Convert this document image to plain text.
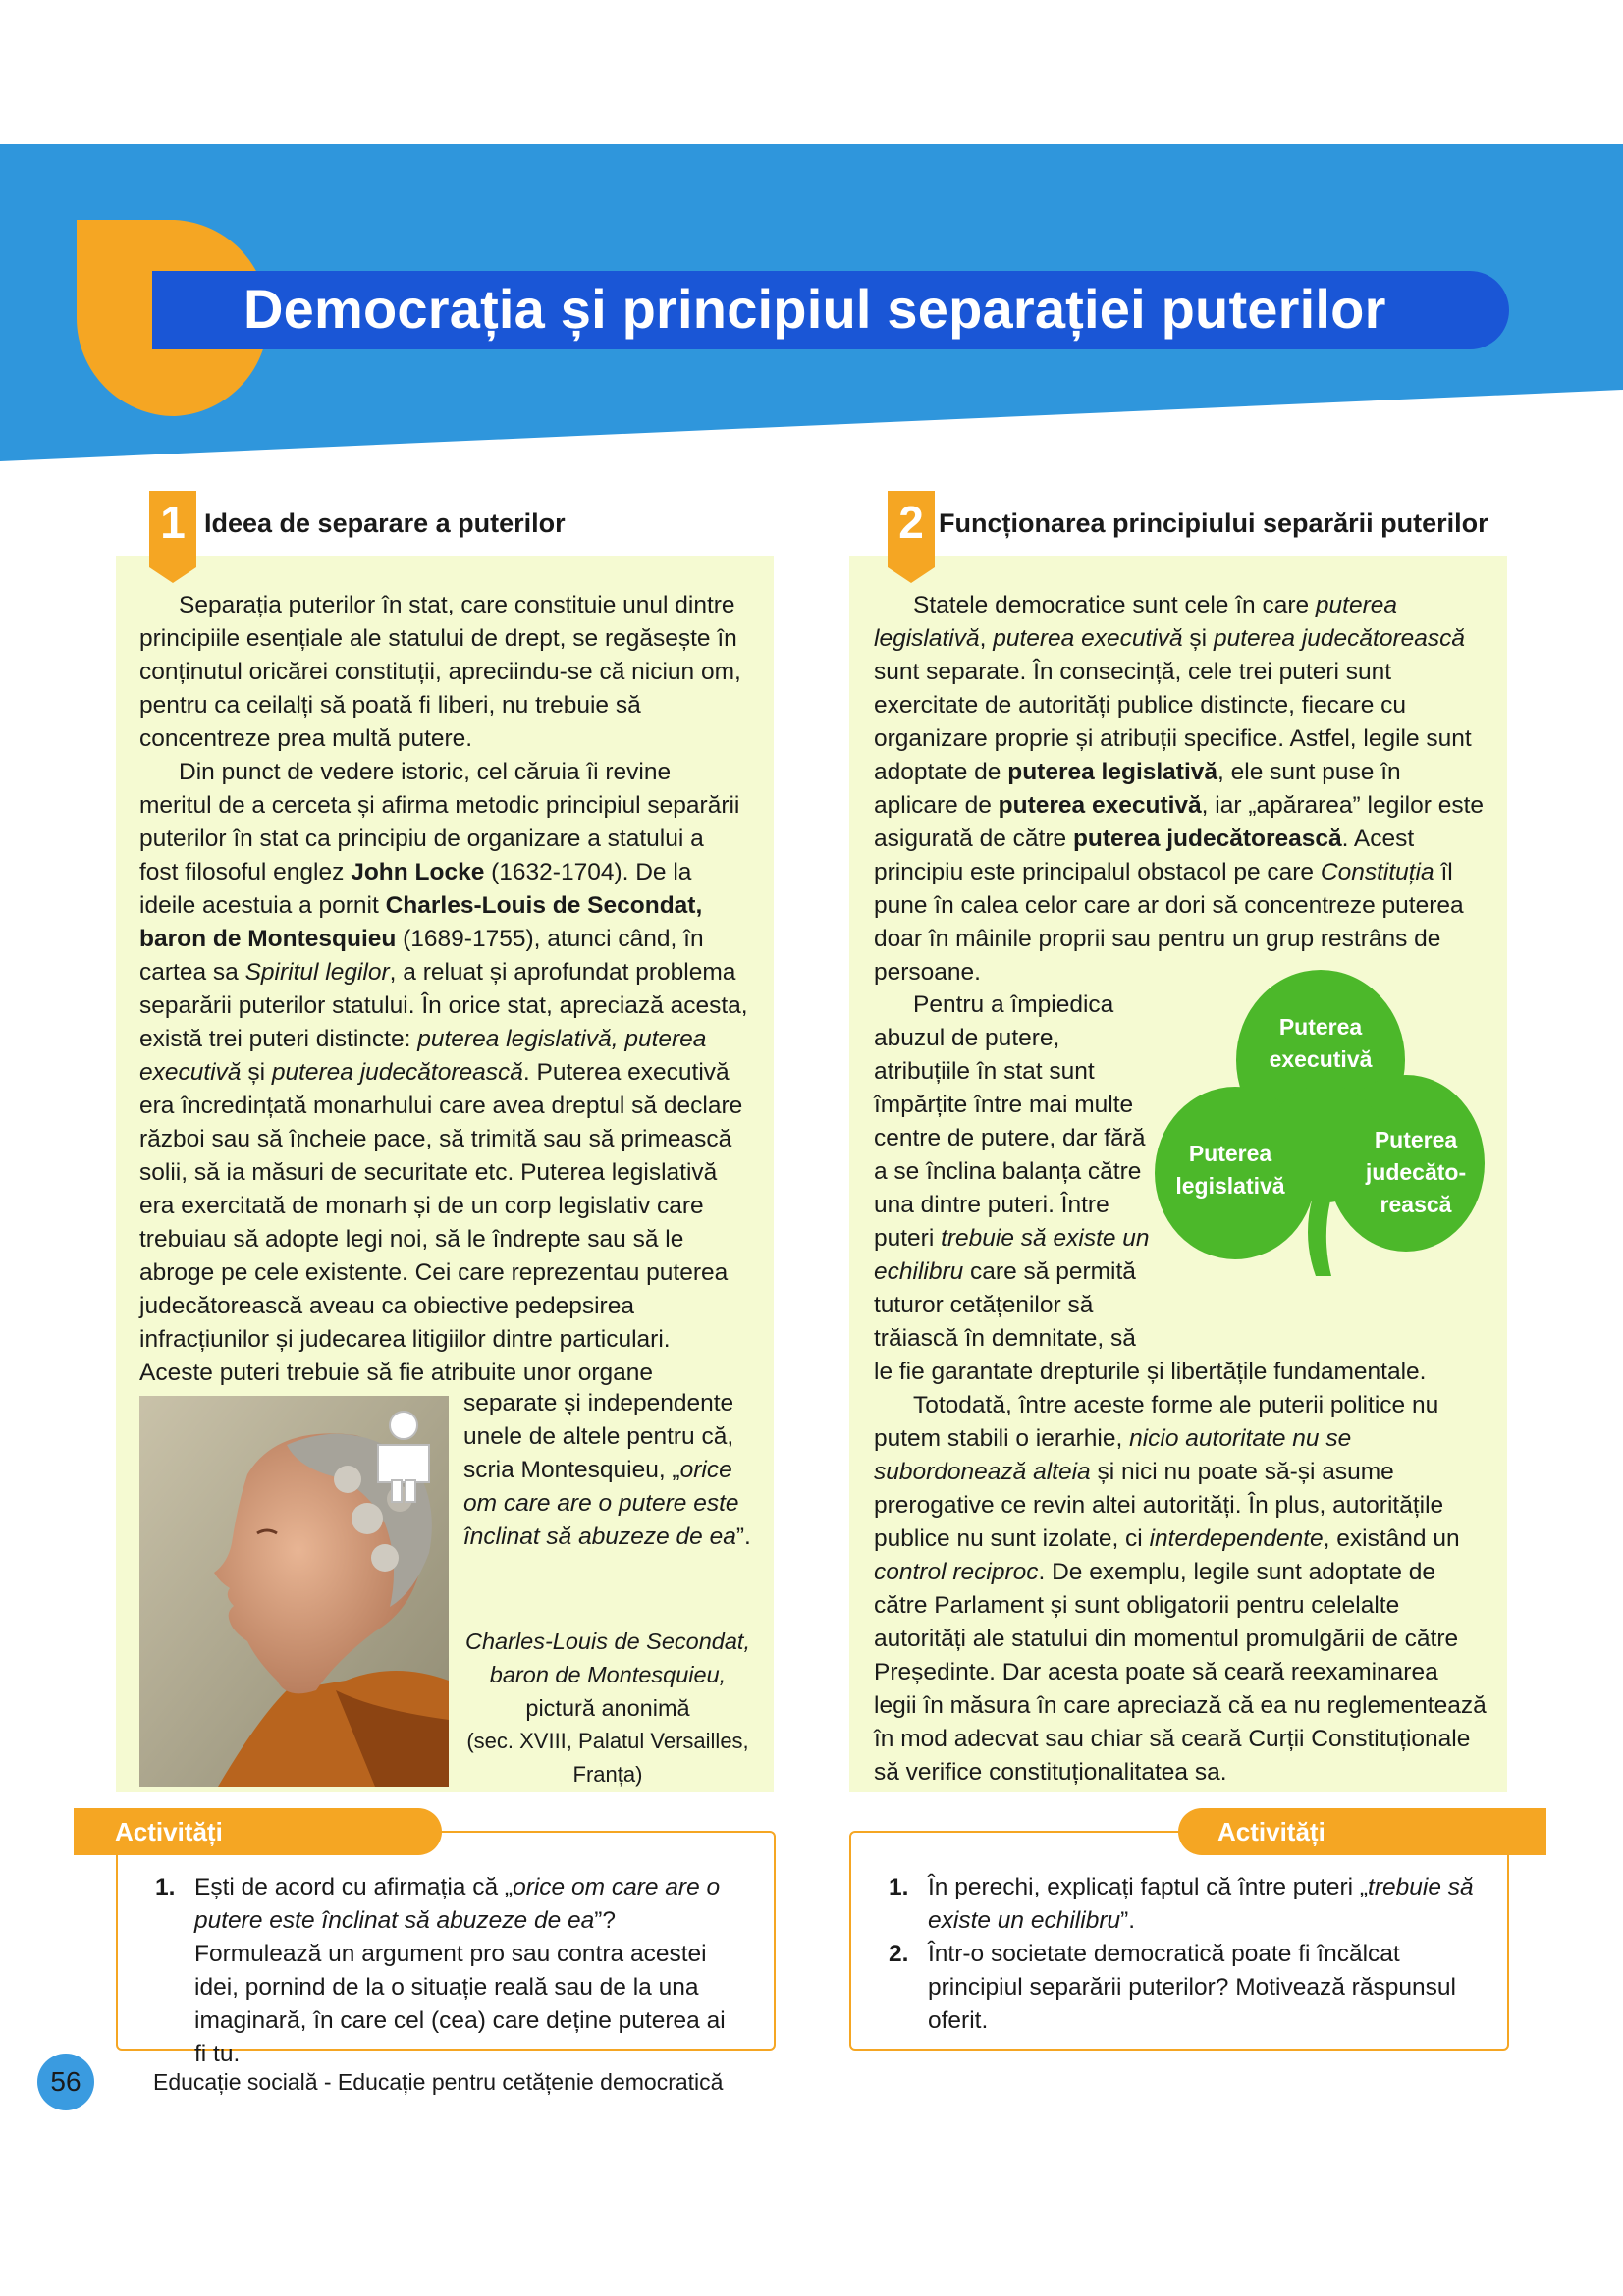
Democrația și principiul separației puterilor
1	2
Ideea de separare a puterilor	Funcționarea principiului separării puterilor

Separația puterilor în stat, care constituie unul dintre principiile esențiale ale statului de drept, se regăsește în conținutul oricărei constituții, apreciindu-se că niciun om, pentru ca ceilalți să poată fi liberi, nu trebuie să concentreze prea multă putere.

Din punct de vedere istoric, cel căruia îi revine meritul de a cerceta și afirma metodic principiul separării puterilor în stat ca principiu de organizare a statului a fost filosoful englez John Locke (1632-1704). De la ideile acestuia a pornit Charles-Louis de Secondat, baron de Montesquieu (1689-1755), atunci când, în cartea sa Spiritul legilor, a reluat și aprofundat problema separării puterilor statului. În orice stat, apreciază acesta, există trei puteri distincte: puterea legislativă, puterea executivă și puterea judecătorească. Puterea executivă era încredințată monarhului care avea dreptul să declare război sau să încheie pace, să trimită sau să primească solii, să ia măsuri de securitate etc. Puterea legislativă era exercitată de monarh și de un corp legislativ care trebuiau să adopte legi noi, să le îndrepte sau să le abroge pe cele existente. Cei care reprezentau puterea judecătorească aveau ca obiective pedepsirea infracțiunilor și judecarea litigiilor dintre particulari. Aceste puteri trebuie să fie atribuite unor organe

separate și independente unele de altele pentru că, scria Montesquieu, „orice om care are o putere este înclinat să abuzeze de ea”.

Charles-Louis de Secondat,
baron de Montesquieu,
pictură anonimă
(sec. XVIII, Palatul Versailles,
Franța)

Statele democratice sunt cele în care puterea legislativă, puterea executivă și puterea judecătorească sunt separate. În consecință, cele trei puteri sunt exercitate de autorități publice distincte, fiecare cu organizare proprie și atribuții specifice. Astfel, legile sunt adoptate de puterea legislativă, ele sunt puse în aplicare de puterea executivă, iar „apărarea” legilor este asigurată de către puterea judecătorească. Acest principiu este principalul obstacol pe care Constituția îl pune în calea celor care ar dori să concentreze puterea doar în mâinile proprii sau pentru un grup restrâns de persoane.

Pentru a împiedica abuzul de putere, atribuțiile în stat sunt împărțite între mai multe centre de putere, dar fără a se înclina balanța către una dintre puteri. Între puteri trebuie să existe un echilibru care să permită tuturor cetățenilor să trăiască în demnitate, să

le fie garantate drepturile și libertățile fundamentale.
Totodată, între aceste forme ale puterii politice nu putem stabili o ierarhie, nicio autoritate nu se subordonează alteia și nici nu poate să-și asume prerogative ce revin altei autorități. În plus, autoritățile publice nu sunt izolate, ci interdependente, existând un control reciproc. De exemplu, legile sunt adoptate de către Parlament și sunt obligatorii pentru celelalte autorități ale statului din momentul promulgării de către Președinte. Dar acesta poate să ceară reexaminarea legii în măsura în care apreciază că ea nu reglementează în mod adecvat sau chiar să ceară Curții Constituționale să verifice constituționalitatea sa.

Puterea
executivă
Puterea
legislativă
Puterea
judecăto-
rească
Activități
1. Ești de acord cu afirmația că „orice om care are o putere este înclinat să abuzeze de ea”? Formulează un argument pro sau contra acestei idei, pornind de la o situație reală sau de la una imaginară, în care cel (cea) care deține puterea ai fi tu.
Activități
1. În perechi, explicați faptul că între puteri „trebuie să existe un echilibru”.
2. Într-o societate democratică poate fi încălcat principiul separării puterilor? Motivează răspunsul oferit.
56	Educație socială - Educație pentru cetățenie democratică
